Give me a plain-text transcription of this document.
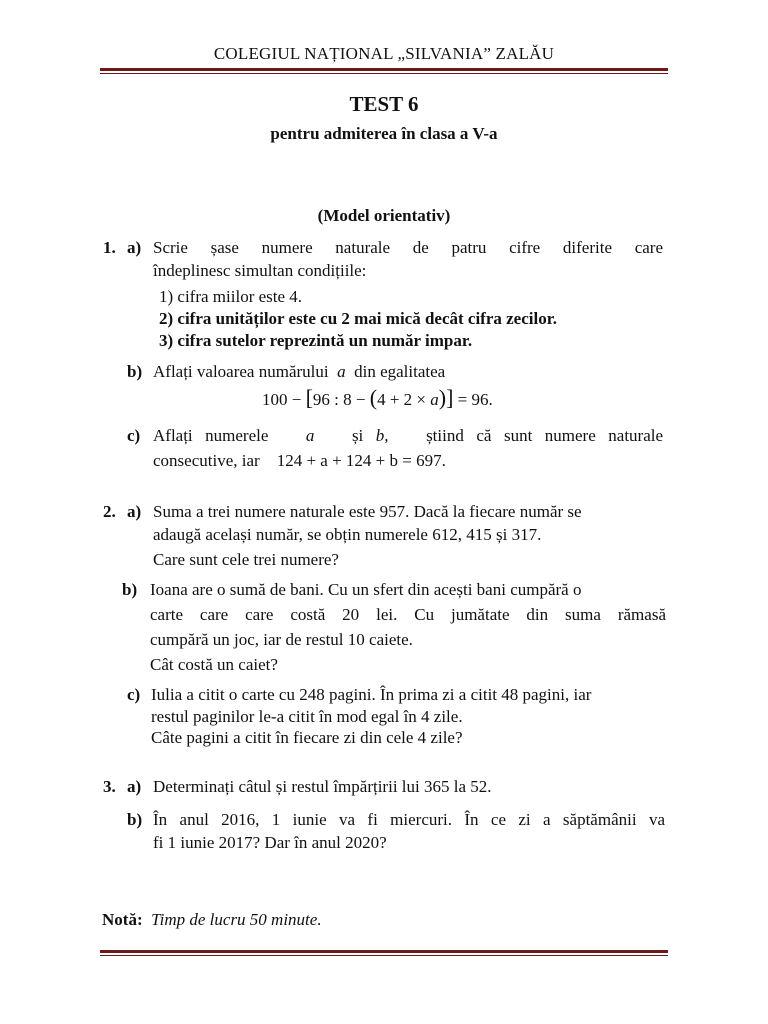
COLEGIUL NAȚIONAL „SILVANIA” ZALĂU
TEST 6
pentru admiterea în clasa a V-a
(Model orientativ)
1. a) Scrie șase numere naturale de patru cifre diferite care
îndeplinesc simultan condițiile:
1) cifra miilor este 4.
2) cifra unităților este cu 2 mai mică decât cifra zecilor.
3) cifra sutelor reprezintă un număr impar.
b) Aflați valoarea numărului a din egalitatea
100 − [96 : 8 − (4 + 2 × a)] = 96.
c) Aflați numerele a și b, știind că sunt numere naturale
consecutive, iar 124 + a + 124 + b = 697.
2. a) Suma a trei numere naturale este 957. Dacă la fiecare număr se
adaugă același număr, se obțin numerele 612, 415 și 317.
Care sunt cele trei numere?
b) Ioana are o sumă de bani. Cu un sfert din acești bani cumpără o
carte care care costă 20 lei. Cu jumătate din suma rămasă
cumpără un joc, iar de restul 10 caiete.
Cât costă un caiet?
c) Iulia a citit o carte cu 248 pagini. În prima zi a citit 48 pagini, iar
restul paginilor le-a citit în mod egal în 4 zile.
Câte pagini a citit în fiecare zi din cele 4 zile?
3. a) Determinați câtul și restul împărțirii lui 365 la 52.
b) În anul 2016, 1 iunie va fi miercuri. În ce zi a săptămânii va
fi 1 iunie 2017? Dar în anul 2020?
Notă: Timp de lucru 50 minute.
